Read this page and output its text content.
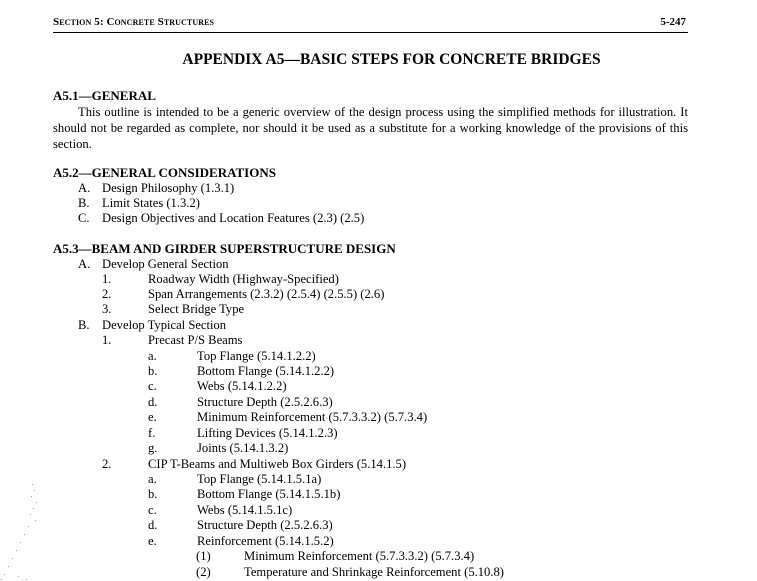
Section 5: Concrete Structures	5-247
APPENDIX A5—BASIC STEPS FOR CONCRETE BRIDGES
A5.1—GENERAL
This outline is intended to be a generic overview of the design process using the simplified methods for illustration. It should not be regarded as complete, nor should it be used as a substitute for a working knowledge of the provisions of this section.
A5.2—GENERAL CONSIDERATIONS
A. Design Philosophy (1.3.1)
B. Limit States (1.3.2)
C. Design Objectives and Location Features (2.3) (2.5)
A5.3—BEAM AND GIRDER SUPERSTRUCTURE DESIGN
A. Develop General Section
1.	Roadway Width (Highway-Specified)
2.	Span Arrangements (2.3.2) (2.5.4) (2.5.5) (2.6)
3.	Select Bridge Type
B. Develop Typical Section
1.	Precast P/S Beams
a.	Top Flange (5.14.1.2.2)
b.	Bottom Flange (5.14.1.2.2)
c.	Webs (5.14.1.2.2)
d.	Structure Depth (2.5.2.6.3)
e.	Minimum Reinforcement (5.7.3.3.2) (5.7.3.4)
f.	Lifting Devices (5.14.1.2.3)
g.	Joints (5.14.1.3.2)
2.	CIP T-Beams and Multiweb Box Girders (5.14.1.5)
a.	Top Flange (5.14.1.5.1a)
b.	Bottom Flange (5.14.1.5.1b)
c.	Webs (5.14.1.5.1c)
d.	Structure Depth (2.5.2.6.3)
e.	Reinforcement (5.14.1.5.2)
(1)	Minimum Reinforcement (5.7.3.3.2) (5.7.3.4)
(2)	Temperature and Shrinkage Reinforcement (5.10.8)
